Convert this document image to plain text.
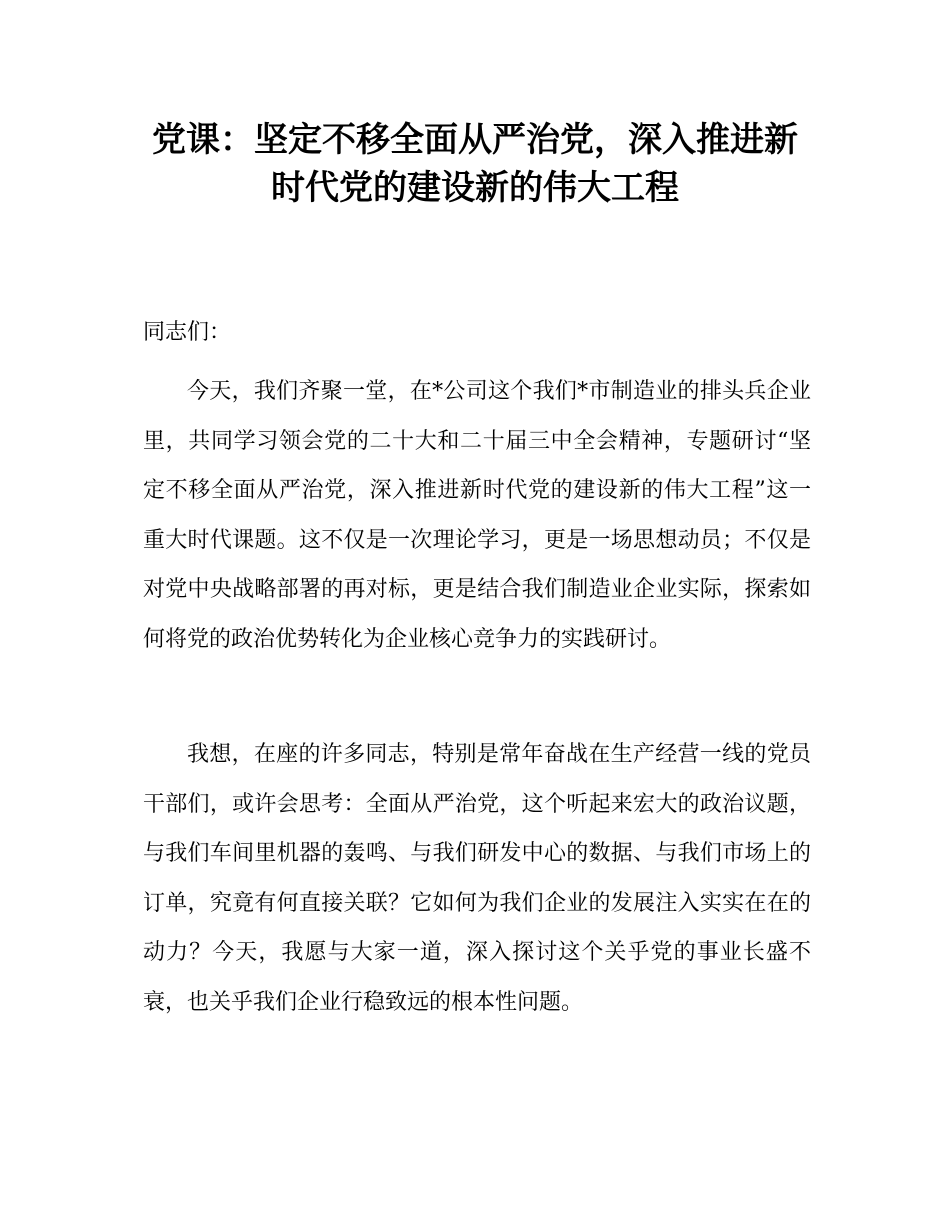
党课：坚定不移全面从严治党，深入推进新
时代党的建设新的伟大工程
同志们：
今天，我们齐聚一堂，在*公司这个我们*市制造业的排头兵企业里，共同学习领会党的二十大和二十届三中全会精神，专题研讨“坚定不移全面从严治党，深入推进新时代党的建设新的伟大工程”这一重大时代课题。这不仅是一次理论学习，更是一场思想动员；不仅是对党中央战略部署的再对标，更是结合我们制造业企业实际，探索如何将党的政治优势转化为企业核心竞争力的实践研讨。
我想，在座的许多同志，特别是常年奋战在生产经营一线的党员干部们，或许会思考：全面从严治党，这个听起来宏大的政治议题，与我们车间里机器的轰鸣、与我们研发中心的数据、与我们市场上的订单，究竟有何直接关联？它如何为我们企业的发展注入实实在在的动力？今天，我愿与大家一道，深入探讨这个关乎党的事业长盛不衰，也关乎我们企业行稳致远的根本性问题。
